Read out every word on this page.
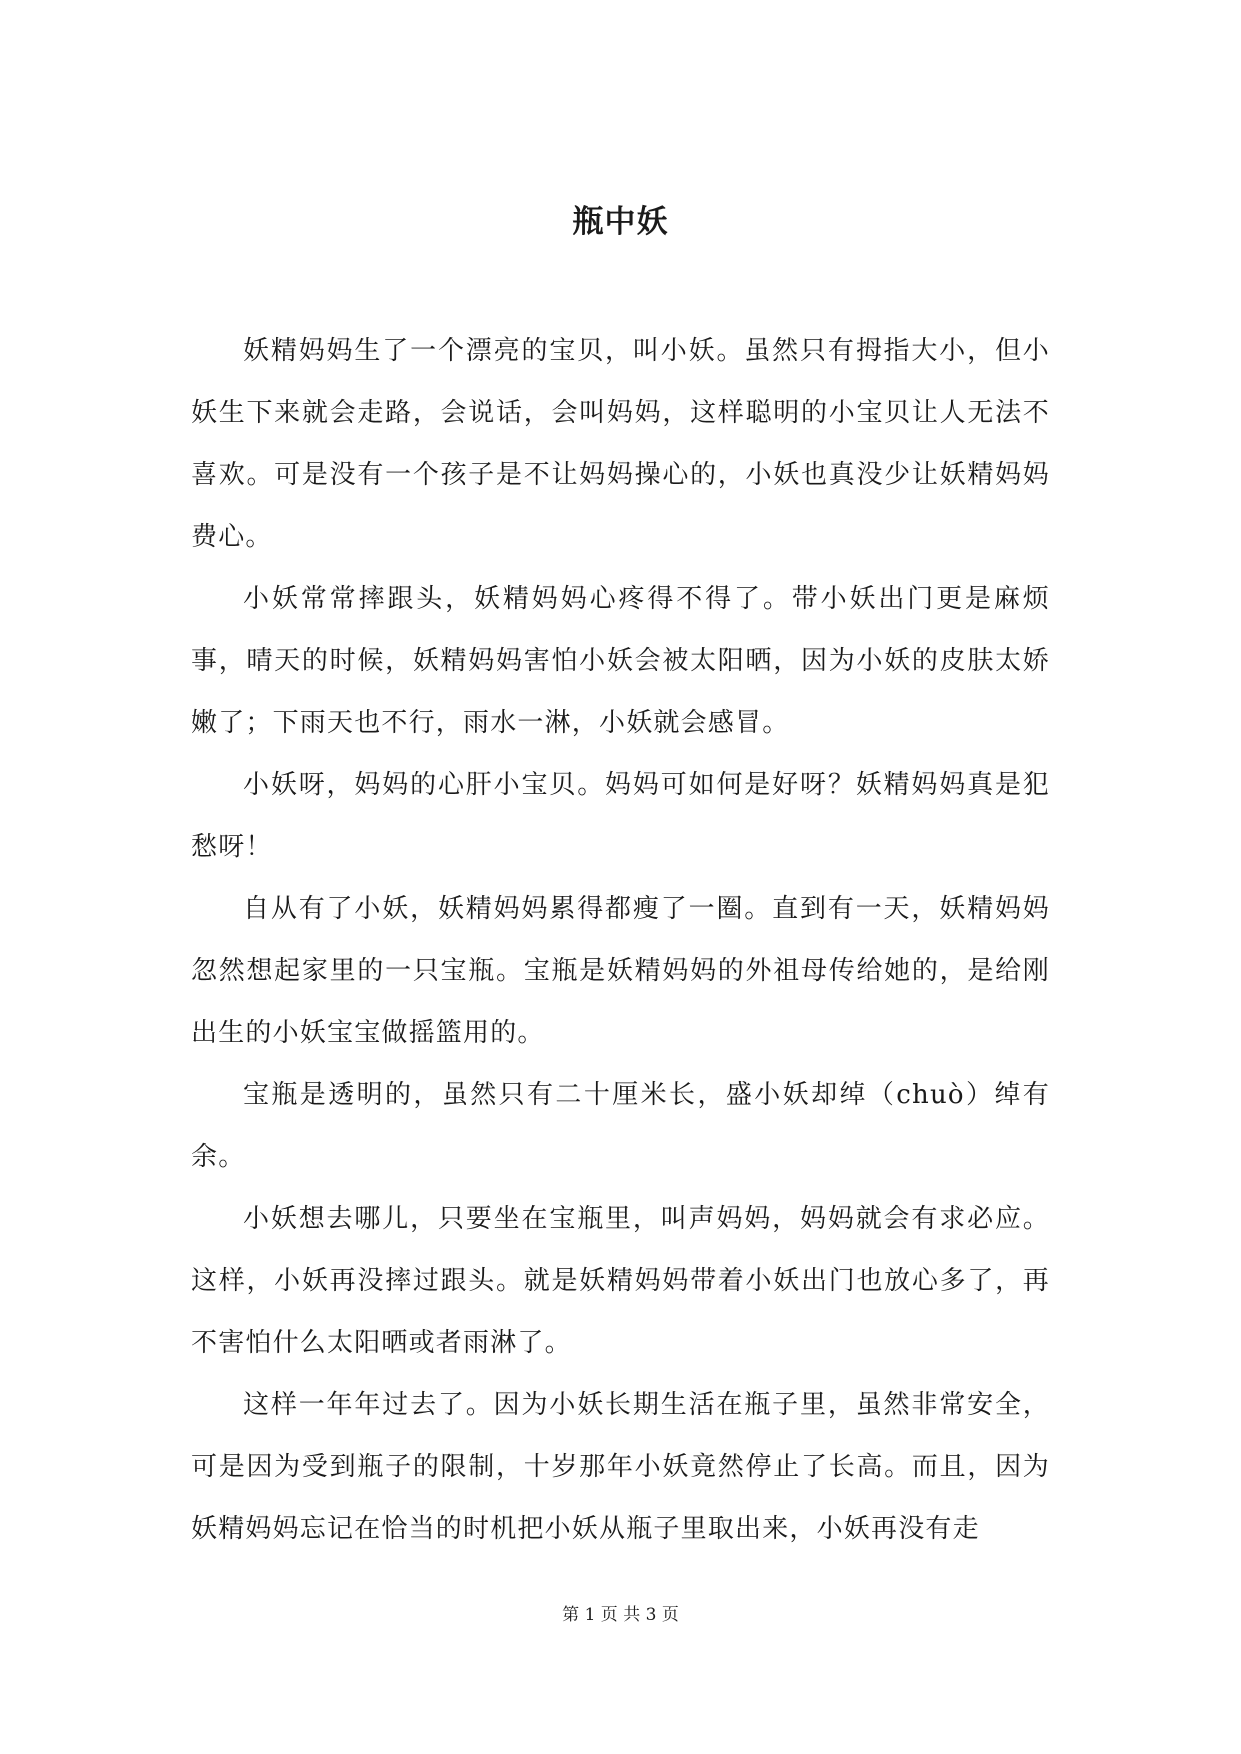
瓶中妖

妖精妈妈生了一个漂亮的宝贝，叫小妖。虽然只有拇指大小，但小妖生下来就会走路，会说话，会叫妈妈，这样聪明的小宝贝让人无法不喜欢。可是没有一个孩子是不让妈妈操心的，小妖也真没少让妖精妈妈费心。

小妖常常摔跟头，妖精妈妈心疼得不得了。带小妖出门更是麻烦事，晴天的时候，妖精妈妈害怕小妖会被太阳晒，因为小妖的皮肤太娇嫩了；下雨天也不行，雨水一淋，小妖就会感冒。

小妖呀，妈妈的心肝小宝贝。妈妈可如何是好呀？妖精妈妈真是犯愁呀！

自从有了小妖，妖精妈妈累得都瘦了一圈。直到有一天，妖精妈妈忽然想起家里的一只宝瓶。宝瓶是妖精妈妈的外祖母传给她的，是给刚出生的小妖宝宝做摇篮用的。

宝瓶是透明的，虽然只有二十厘米长，盛小妖却绰（chuò）绰有余。

小妖想去哪儿，只要坐在宝瓶里，叫声妈妈，妈妈就会有求必应。这样，小妖再没摔过跟头。就是妖精妈妈带着小妖出门也放心多了，再不害怕什么太阳晒或者雨淋了。

这样一年年过去了。因为小妖长期生活在瓶子里，虽然非常安全，可是因为受到瓶子的限制，十岁那年小妖竟然停止了长高。而且，因为妖精妈妈忘记在恰当的时机把小妖从瓶子里取出来，小妖再没有走

第 1 页 共 3 页
